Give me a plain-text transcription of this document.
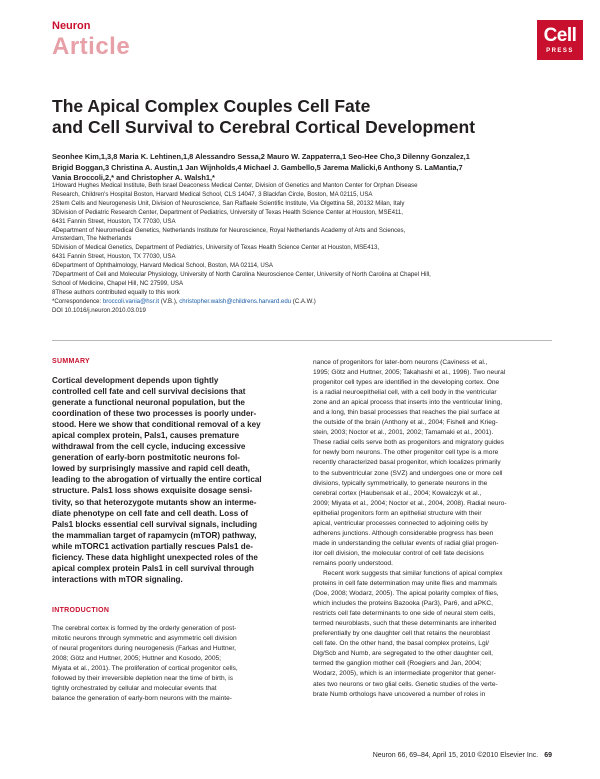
Neuron
Article	Cell
PRESS
The Apical Complex Couples Cell Fate
and Cell Survival to Cerebral Cortical Development
Seonhee Kim,1,3,8 Maria K. Lehtinen,1,8 Alessandro Sessa,2 Mauro W. Zappaterra,1 Seo-Hee Cho,3 Dilenny Gonzalez,1
Brigid Boggan,3 Christina A. Austin,1 Jan Wijnholds,4 Michael J. Gambello,5 Jarema Malicki,6 Anthony S. LaMantia,7
Vania Broccoli,2,* and Christopher A. Walsh1,*
1Howard Hughes Medical Institute, Beth Israel Deaconess Medical Center, Division of Genetics and Manton Center for Orphan Disease
Research, Children's Hospital Boston, Harvard Medical School, CLS 14047, 3 Blackfan Circle, Boston, MA 02115, USA
2Stem Cells and Neurogenesis Unit, Division of Neuroscience, San Raffaele Scientific Institute, Via Olgettina 58, 20132 Milan, Italy
3Division of Pediatric Research Center, Department of Pediatrics, University of Texas Health Science Center at Houston, MSE411,
6431 Fannin Street, Houston, TX 77030, USA
4Department of Neuromedical Genetics, Netherlands Institute for Neuroscience, Royal Netherlands Academy of Arts and Sciences,
Amsterdam, The Netherlands
5Division of Medical Genetics, Department of Pediatrics, University of Texas Health Science Center at Houston, MSE413,
6431 Fannin Street, Houston, TX 77030, USA
6Department of Ophthalmology, Harvard Medical School, Boston, MA 02114, USA
7Department of Cell and Molecular Physiology, University of North Carolina Neuroscience Center, University of North Carolina at Chapel Hill,
School of Medicine, Chapel Hill, NC 27599, USA
8These authors contributed equally to this work
*Correspondence: broccoli.vania@hsr.it (V.B.), christopher.walsh@childrens.harvard.edu (C.A.W.)
DOI 10.1016/j.neuron.2010.03.019
SUMMARY
Cortical development depends upon tightly
controlled cell fate and cell survival decisions that
generate a functional neuronal population, but the
coordination of these two processes is poorly under-
stood. Here we show that conditional removal of a key
apical complex protein, Pals1, causes premature
withdrawal from the cell cycle, inducing excessive
generation of early-born postmitotic neurons fol-
lowed by surprisingly massive and rapid cell death,
leading to the abrogation of virtually the entire cortical
structure. Pals1 loss shows exquisite dosage sensi-
tivity, so that heterozygote mutants show an interme-
diate phenotype on cell fate and cell death. Loss of
Pals1 blocks essential cell survival signals, including
the mammalian target of rapamycin (mTOR) pathway,
while mTORC1 activation partially rescues Pals1 de-
ficiency. These data highlight unexpected roles of the
apical complex protein Pals1 in cell survival through
interactions with mTOR signaling.
INTRODUCTION
The cerebral cortex is formed by the orderly generation of post-
mitotic neurons through symmetric and asymmetric cell division
of neural progenitors during neurogenesis (Farkas and Huttner,
2008; Götz and Huttner, 2005; Huttner and Kosodo, 2005;
Miyata et al., 2001). The proliferation of cortical progenitor cells,
followed by their irreversible depletion near the time of birth, is
tightly orchestrated by cellular and molecular events that
balance the generation of early-born neurons with the mainte-
nance of progenitors for later-born neurons (Caviness et al.,
1995; Götz and Huttner, 2005; Takahashi et al., 1996). Two neural
progenitor cell types are identified in the developing cortex. One
is a radial neuroepithelial cell, with a cell body in the ventricular
zone and an apical process that inserts into the ventricular lining,
and a long, thin basal processes that reaches the pial surface at
the outside of the brain (Anthony et al., 2004; Fishell and Krieg-
stein, 2003; Noctor et al., 2001, 2002; Tamamaki et al., 2001).
These radial cells serve both as progenitors and migratory guides
for newly born neurons. The other progenitor cell type is a more
recently characterized basal progenitor, which localizes primarily
to the subventricular zone (SVZ) and undergoes one or more cell
divisions, typically symmetrically, to generate neurons in the
cerebral cortex (Haubensak et al., 2004; Kowalczyk et al.,
2009; Miyata et al., 2004; Noctor et al., 2004, 2008). Radial neuro-
epithelial progenitors form an epithelial structure with their
apical, ventricular processes connected to adjoining cells by
adherens junctions. Although considerable progress has been
made in understanding the cellular events of radial glial progen-
itor cell division, the molecular control of cell fate decisions
remains poorly understood.
Recent work suggests that similar functions of apical complex
proteins in cell fate determination may unite flies and mammals
(Doe, 2008; Wodarz, 2005). The apical polarity complex of flies,
which includes the proteins Bazooka (Par3), Par6, and aPKC,
restricts cell fate determinants to one side of neural stem cells,
termed neuroblasts, such that these determinants are inherited
preferentially by one daughter cell that retains the neuroblast
cell fate. On the other hand, the basal complex proteins, Lgl/
Dlg/Scb and Numb, are segregated to the other daughter cell,
termed the ganglion mother cell (Roegiers and Jan, 2004;
Wodarz, 2005), which is an intermediate progenitor that gener-
ates two neurons or two glial cells. Genetic studies of the verte-
brate Numb orthologs have uncovered a number of roles in
Neuron 66, 69–84, April 15, 2010 ©2010 Elsevier Inc. 69
